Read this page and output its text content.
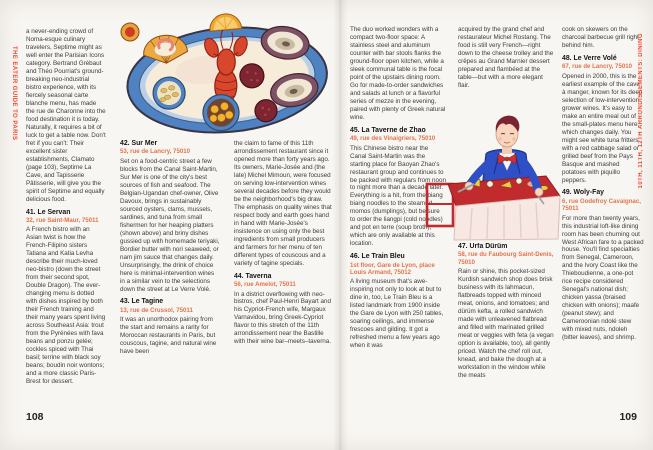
THE EATER GUIDE TO PARIS

a never-ending crowd of Noma-esque culinary travelers, Septime might as well enter the Parisian Icons category. Bertrand Grébaut and Théo Pourriat's ground-breaking neo-industrial bistro experience, with its fiercely seasonal carte blanche menu, has made the rue de Charonne into the food destination it is today. Naturally, it requires a bit of luck to get a table now. Don't fret if you can't: Their excellent sister establishments, Clamato (page 103), Septime La Cave, and Tapisserie Pâtisserie, will give you the spirit of Septime and equally delicious food.

41. Le Servan
32, rue Saint-Maur, 75011

A French bistro with an Asian twist is how the French-Filipino sisters Tatiana and Katia Levha describe their much-loved neo-bistro (down the street from their second spot, Double Dragon). The ever-changing menu is dotted with dishes inspired by both their French training and their many years spent living across Southeast Asia: trout from the Pyrénées with fava beans and ponzu gelée; cockles spiced with Thai basil; terrine with black soy beans; boudin noir wontons; and a more classic Paris-Brest for dessert.

42. Sur Mer
53, rue de Lancry, 75010

Set on a food-centric street a few blocks from the Canal Saint-Martin, Sur Mer is one of the city's best sources of fish and seafood. The Belgian-Ugandan chef-owner, Olive Davoux, brings in sustainably sourced oysters, clams, mussels, sardines, and tuna from small fishermen for her heaping platters (shown above) and briny dishes gussied up with homemade teriyaki, Bordier butter with nori seaweed, or nam jim sauce that changes daily. Unsurprisingly, the drink of choice here is minimal-intervention wines in a similar vein to the selections down the street at Le Verre Volé.

43. Le Tagine
13, rue de Crussol, 75011

It was an unorthodox pairing from the start and remains a rarity for Moroccan restaurants in Paris, but couscous, tagine, and natural wine have been

the claim to fame of this 11th arrondissement restaurant since it opened more than forty years ago. Its owners, Marie-Josée and (the late) Michel Mimoun, were focused on serving low-intervention wines several decades before they would be the neighborhood's big draw. The emphasis on quality wines that respect body and earth goes hand in hand with Marie-Josée's insistence on using only the best ingredients from small producers and farmers for her menu of ten different types of couscous and a variety of tagine specials.

44. Taverna
56, rue Amelot, 75011

In a district overflowing with neo-bistros, chef Paul-Henri Bayart and his Cypriot-French wife, Margaux Varnavidou, bring Greek-Cypriot flavor to this stretch of the 11th arrondissement near the Bastille with their wine bar–meets–taverna.

108

The duo worked wonders with a compact two-floor space: A stainless steel and aluminum counter with bar stools flanks the ground-floor open kitchen, while a sleek communal table is the focal point of the upstairs dining room. Go for made-to-order sandwiches and salads at lunch or a flavorful series of mezze in the evening, paired with plenty of Greek natural wine.

45. La Taverne de Zhao
49, rue des Vinaigriers, 75010

This Chinese bistro near the Canal Saint-Martin was the starting place for Baoyan Zhao's restaurant group and continues to be packed with regulars from noon to night more than a decade later. Everything is a hit, from the biang biang noodles to the steamed momos (dumplings), but be sure to order the liangpi (cold noodles) and pot en terre (soup broth), which are only available at this location.

46. Le Train Bleu
1st floor, Gare de Lyon, place Louis Armand, 75012

A living museum that's awe-inspiring not only to look at but to dine in, too, Le Train Bleu is a listed landmark from 1900 inside the Gare de Lyon with 250 tables, soaring ceilings, and immense frescoes and gilding. It got a refreshed menu a few years ago when it was

acquired by the grand chef and restaurateur Michel Rostang. The food is still very French—right down to the cheese trolley and the crêpes au Grand Marnier dessert prepared and flambéed at the table—but with a more elegant flair.

47. Urfa Dürüm
58, rue du Faubourg Saint-Denis, 75010

Rain or shine, this pocket-sized Kurdish sandwich shop does brisk business with its lahmacun, flatbreads topped with minced meat, onions, and tomatoes; and dürüm kefta, a rolled sandwich made with unleavened flatbread and filled with marinated grilled meat or veggies with feta (a vegan option is available, too), all gently priced. Watch the chef roll out, knead, and bake the dough at a workstation in the window while the meats

cook on skewers on the charcoal barbecue grill right behind him.

48. Le Verre Volé
67, rue de Lancry, 75010

Opened in 2000, this is the earliest example of the cave à manger, known for its deep selection of low-intervention grower wines. It's easy to make an entire meal out of the small-plates menu here, which changes daily. You might see white tuna fritters with a red cabbage salad or grilled beef from the Pays Basque and mashed potatoes with piquillo peppers.

49. Woly-Fay
6, rue Godefroy Cavaignac, 75011

For more than twenty years, this industrial loft-like dining room has been churning out West African fare to a packed house. You'll find specialties from Senegal, Cameroon, and the Ivory Coast like the Thieboudienne, a one-pot rice recipe considered Senegal's national dish; chicken yassa (braised chicken with onions); maafe (peanut stew); and Cameroonian ndolé stew with mixed nuts, ndoleh (bitter leaves), and shrimp.

10TH, 11TH, 12TH ARRONDISSEMENTS: DINING
109
